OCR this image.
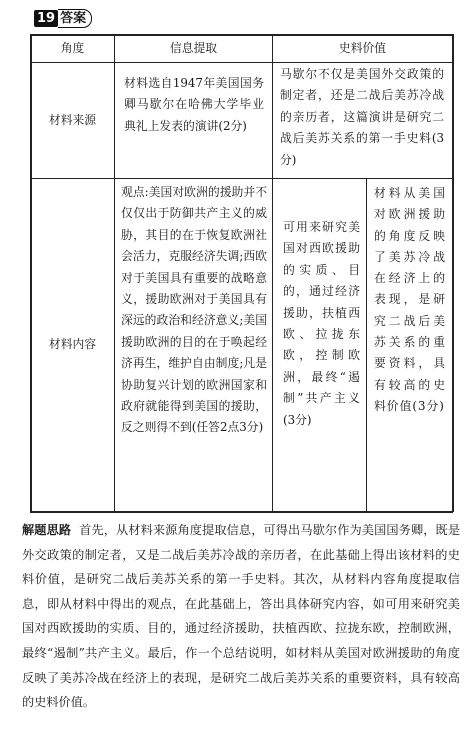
19 答案
角度	信息提取	史料价值
材料来源
材料选自1947年美国国务卿马歇尔在哈佛大学毕业典礼上发表的演讲(2分)
马歇尔不仅是美国外交政策的制定者，还是二战后美苏冷战的亲历者，这篇演讲是研究二战后美苏关系的第一手史料(3分)
材料内容
观点:美国对欧洲的援助并不仅仅出于防御共产主义的威胁，其目的在于恢复欧洲社会活力，克服经济失调;西欧对于美国具有重要的战略意义，援助欧洲对于美国具有深远的政治和经济意义;美国援助欧洲的目的在于唤起经济再生，维护自由制度;凡是协助复兴计划的欧洲国家和政府就能得到美国的援助，反之则得不到(任答2点3分)
可用来研究美国对西欧援助的实质、目的，通过经济援助，扶植西欧、拉拢东欧，控制欧洲，最终“遏制”共产主义(3分)
材料从美国对欧洲援助的角度反映了美苏冷战在经济上的表现，是研究二战后美苏关系的重要资料，具有较高的史料价值(3分)
解题思路 首先，从材料来源角度提取信息，可得出马歇尔作为美国国务卿，既是外交政策的制定者，又是二战后美苏冷战的亲历者，在此基础上得出该材料的史料价值，是研究二战后美苏关系的第一手史料。其次，从材料内容角度提取信息，即从材料中得出的观点，在此基础上，答出具体研究内容，如可用来研究美国对西欧援助的实质、目的，通过经济援助，扶植西欧、拉拢东欧，控制欧洲，最终“遏制”共产主义。最后，作一个总结说明，如材料从美国对欧洲援助的角度反映了美苏冷战在经济上的表现，是研究二战后美苏关系的重要资料，具有较高的史料价值。
